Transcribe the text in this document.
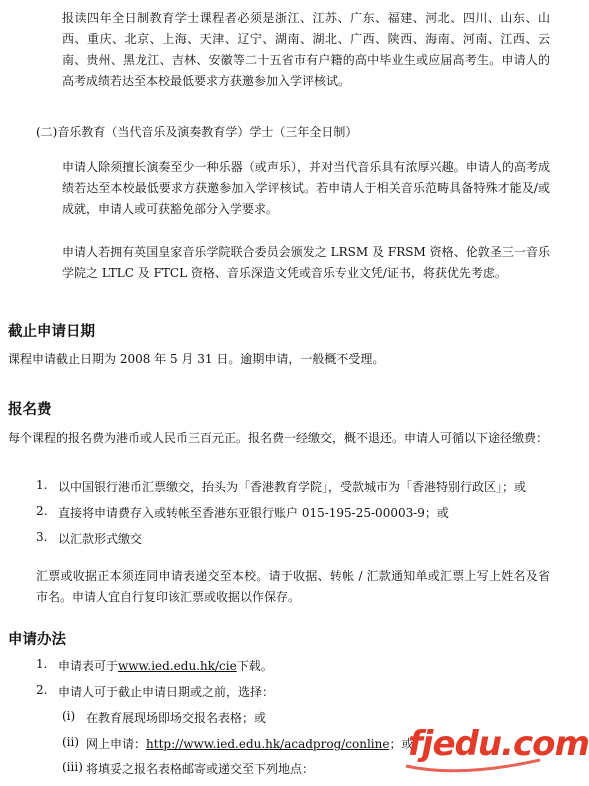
报读四年全日制教育学士课程者必须是浙江、江苏、广东、福建、河北、四川、山东、山西、重庆、北京、上海、天津、辽宁、湖南、湖北、广西、陕西、海南、河南、江西、云南、贵州、黑龙江、吉林、安徽等二十五省市有户籍的高中毕业生或应届高考生。申请人的高考成绩若达至本校最低要求方获邀参加入学评核试。
(二)音乐教育（当代音乐及演奏教育学）学士（三年全日制）
申请人除须擅长演奏至少一种乐器（或声乐），并对当代音乐具有浓厚兴趣。申请人的高考成绩若达至本校最低要求方获邀参加入学评核试。若申请人于相关音乐范畴具备特殊才能及/或成就，申请人或可获豁免部分入学要求。
申请人若拥有英国皇家音乐学院联合委员会颁发之 LRSM 及 FRSM 资格、伦敦圣三一音乐学院之 LTLC 及 FTCL 资格、音乐深造文凭或音乐专业文凭/证书，将获优先考虑。
截止申请日期
课程申请截止日期为 2008 年 5 月 31 日。逾期申请，一般概不受理。
报名费
每个课程的报名费为港币或人民币三百元正。报名费一经缴交，概不退还。申请人可循以下途径缴费：
1. 以中国银行港币汇票缴交，抬头为「香港教育学院」，受款城市为「香港特别行政区」；或
2. 直接将申请费存入或转帐至香港东亚银行账户 015-195-25-00003-9；或
3. 以汇款形式缴交
汇票或收据正本须连同申请表递交至本校。请于收据、转帐 / 汇款通知单或汇票上写上姓名及省市名。申请人宜自行复印该汇票或收据以作保存。
申请办法
1. 申请表可于www.ied.edu.hk/cie下载。
2. 申请人可于截止申请日期或之前，选择：
(i) 在教育展现场即场交报名表格；或
(ii) 网上申请：http://www.ied.edu.hk/acadprog/conline；或
(iii) 将填妥之报名表格邮寄或递交至下列地点：
fjedu.com
